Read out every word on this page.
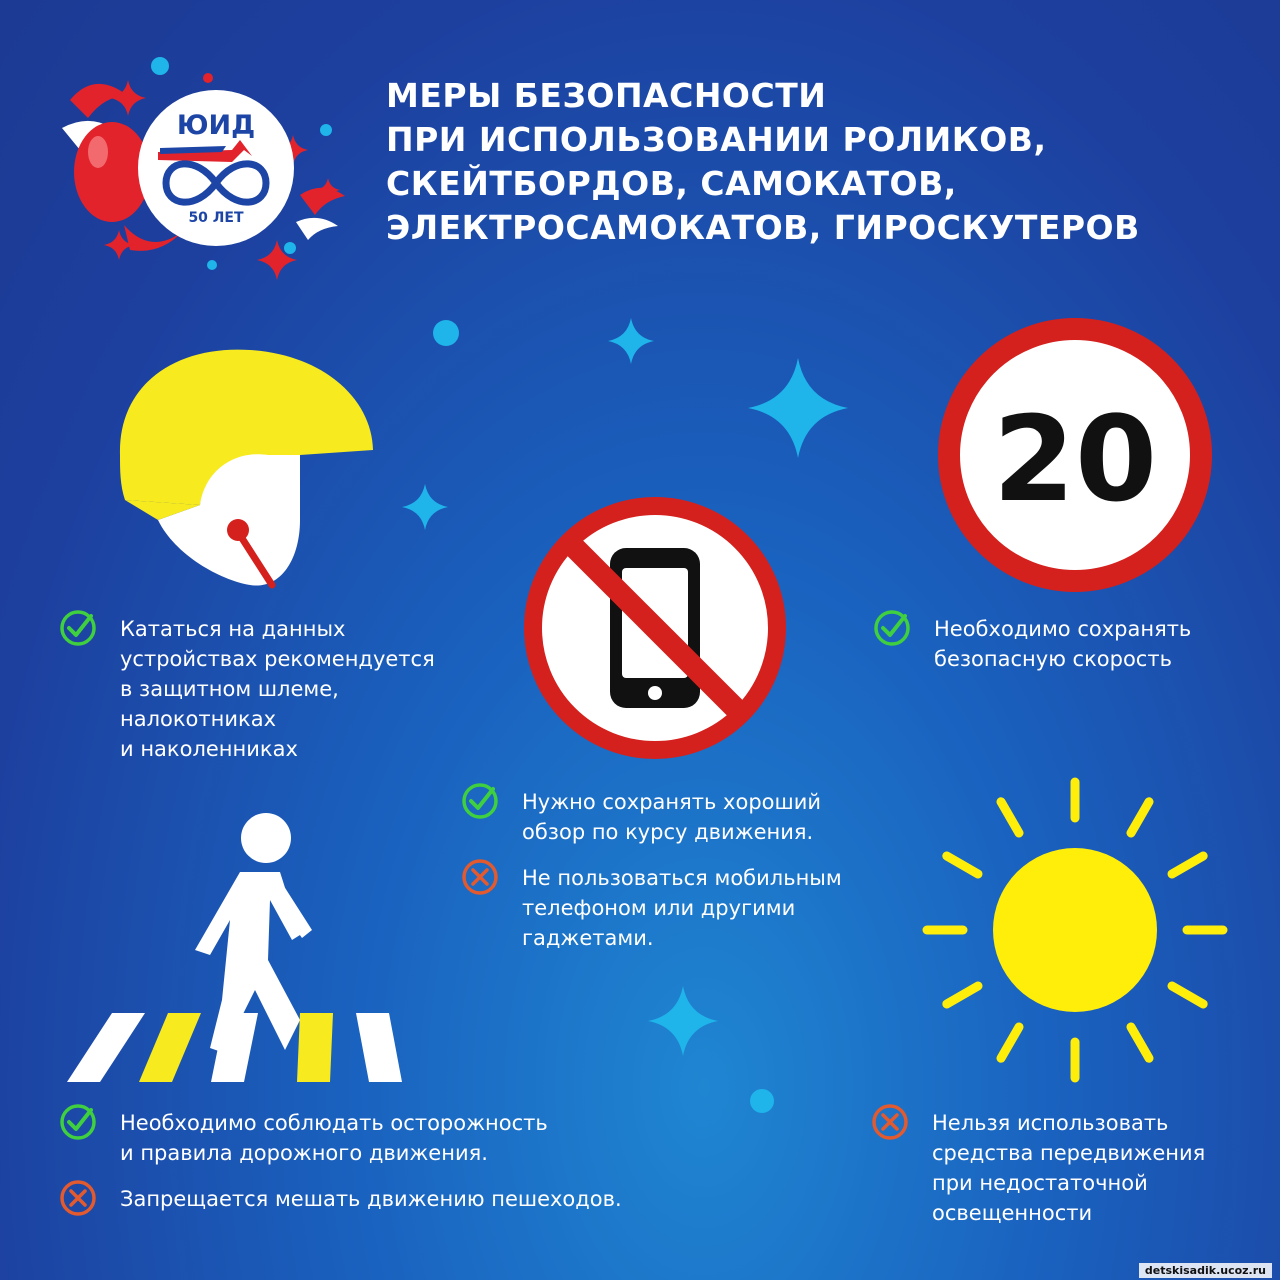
ЮИД
50 ЛЕТ
20
МЕРЫ БЕЗОПАСНОСТИ
ПРИ ИСПОЛЬЗОВАНИИ РОЛИКОВ,
СКЕЙТБОРДОВ, САМОКАТОВ,
ЭЛЕКТРОСАМОКАТОВ, ГИРОСКУТЕРОВ
Кататься на данных
устройствах рекомендуется
в защитном шлеме,
налокотниках
и наколенниках
Необходимо сохранять
безопасную скорость
Нужно сохранять хороший
обзор по курсу движения.
Не пользоваться мобильным
телефоном или другими
гаджетами.
Необходимо соблюдать осторожность
и правила дорожного движения.
Запрещается мешать движению пешеходов.
Нельзя использовать
средства передвижения
при недостаточной
освещенности
detskisadik.ucoz.ru
